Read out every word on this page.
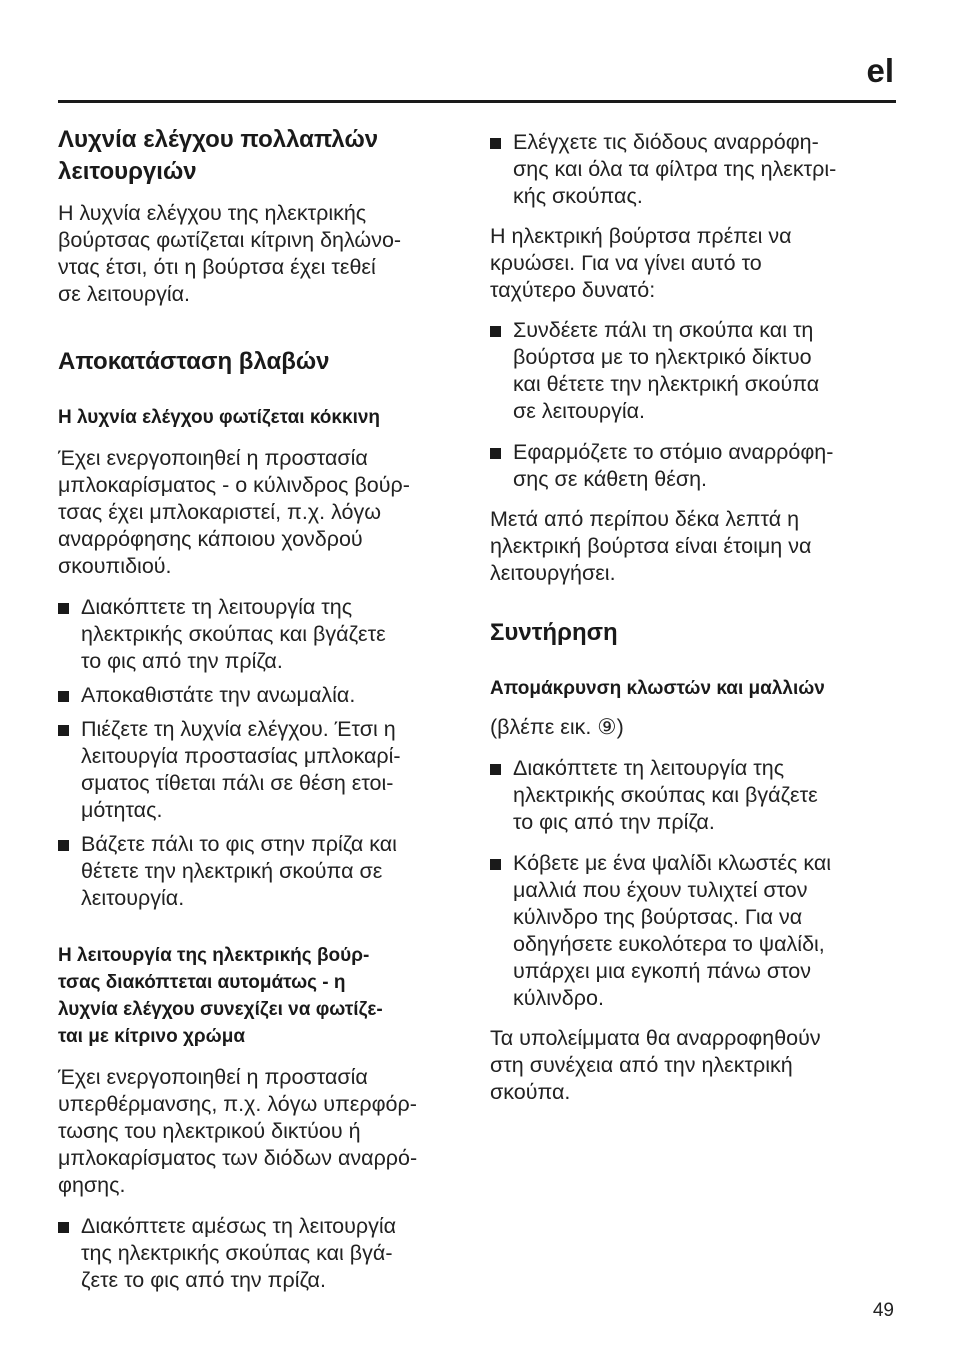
el
Λυχνία ελέγχου πολλαπλών
λειτουργιών

Η λυχνία ελέγχου της ηλεκτρικής
βούρτσας φωτίζεται κίτρινη δηλώνο-
ντας έτσι, ότι η βούρτσα έχει τεθεί
σε λειτουργία.

Αποκατάσταση βλαβών
Η λυχνία ελέγχου φωτίζεται κόκκινη

Έχει ενεργοποιηθεί η προστασία
μπλοκαρίσματος - ο κύλινδρος βούρ-
τσας έχει μπλοκαριστεί, π.χ. λόγω
αναρρόφησης κάποιου χονδρού
σκουπιδιού.

Διακόπτετε τη λειτουργία της
ηλεκτρικής σκούπας και βγάζετε
το φις από την πρίζα.
Αποκαθιστάτε την ανωμαλία.
Πιέζετε τη λυχνία ελέγχου. Έτσι η
λειτουργία προστασίας μπλοκαρί-
σματος τίθεται πάλι σε θέση ετοι-
μότητας.
Βάζετε πάλι το φις στην πρίζα και
θέτετε την ηλεκτρική σκούπα σε
λειτουργία.
Η λειτουργία της ηλεκτρικής βούρ-
τσας διακόπτεται αυτομάτως - η
λυχνία ελέγχου συνεχίζει να φωτίζε-
ται με κίτρινο χρώμα

Έχει ενεργοποιηθεί η προστασία
υπερθέρμανσης, π.χ. λόγω υπερφόρ-
τωσης του ηλεκτρικού δικτύου ή
μπλοκαρίσματος των διόδων αναρρό-
φησης.

Διακόπτετε αμέσως τη λειτουργία
της ηλεκτρικής σκούπας και βγά-
ζετε το φις από την πρίζα.
Ελέγχετε τις διόδους αναρρόφη-
σης και όλα τα φίλτρα της ηλεκτρι-
κής σκούπας.

Η ηλεκτρική βούρτσα πρέπει να
κρυώσει. Για να γίνει αυτό το
ταχύτερο δυνατό:

Συνδέετε πάλι τη σκούπα και τη
βούρτσα με το ηλεκτρικό δίκτυο
και θέτετε την ηλεκτρική σκούπα
σε λειτουργία.
Εφαρμόζετε το στόμιο αναρρόφη-
σης σε κάθετη θέση.

Μετά από περίπου δέκα λεπτά η
ηλεκτρική βούρτσα είναι έτοιμη να
λειτουργήσει.

Συντήρηση
Απομάκρυνση κλωστών και μαλλιών

(βλέπε εικ. ⑨)

Διακόπτετε τη λειτουργία της
ηλεκτρικής σκούπας και βγάζετε
το φις από την πρίζα.
Κόβετε με ένα ψαλίδι κλωστές και
μαλλιά που έχουν τυλιχτεί στον
κύλινδρο της βούρτσας. Για να
οδηγήσετε ευκολότερα το ψαλίδι,
υπάρχει μια εγκοπή πάνω στον
κύλινδρο.

Τα υπολείμματα θα αναρροφηθούν
στη συνέχεια από την ηλεκτρική
σκούπα.

49
